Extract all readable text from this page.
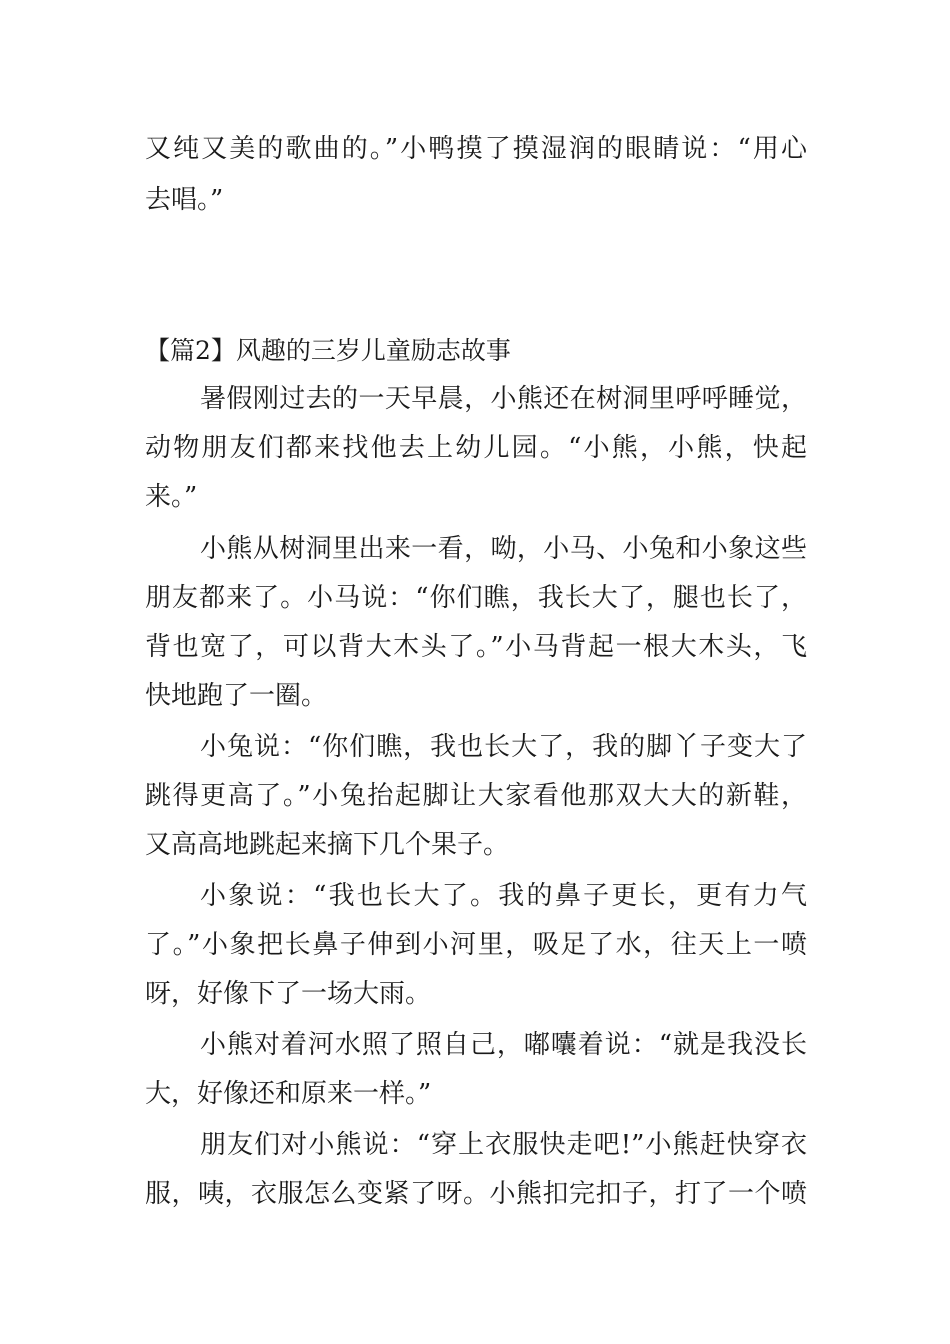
又纯又美的歌曲的。”小鸭摸了摸湿润的眼睛说：“用心
去唱。”
【篇2】风趣的三岁儿童励志故事
暑假刚过去的一天早晨，小熊还在树洞里呼呼睡觉，
动物朋友们都来找他去上幼儿园。“小熊，小熊，快起
来。”
小熊从树洞里出来一看，呦，小马、小兔和小象这些
朋友都来了。小马说：“你们瞧，我长大了，腿也长了，
背也宽了，可以背大木头了。”小马背起一根大木头，飞
快地跑了一圈。
小兔说：“你们瞧，我也长大了，我的脚丫子变大了
跳得更高了。”小兔抬起脚让大家看他那双大大的新鞋，
又高高地跳起来摘下几个果子。
小象说：“我也长大了。我的鼻子更长，更有力气
了。”小象把长鼻子伸到小河里，吸足了水，往天上一喷
呀，好像下了一场大雨。
小熊对着河水照了照自己，嘟囔着说：“就是我没长
大，好像还和原来一样。”
朋友们对小熊说：“穿上衣服快走吧!”小熊赶快穿衣
服，咦，衣服怎么变紧了呀。小熊扣完扣子，打了一个喷
